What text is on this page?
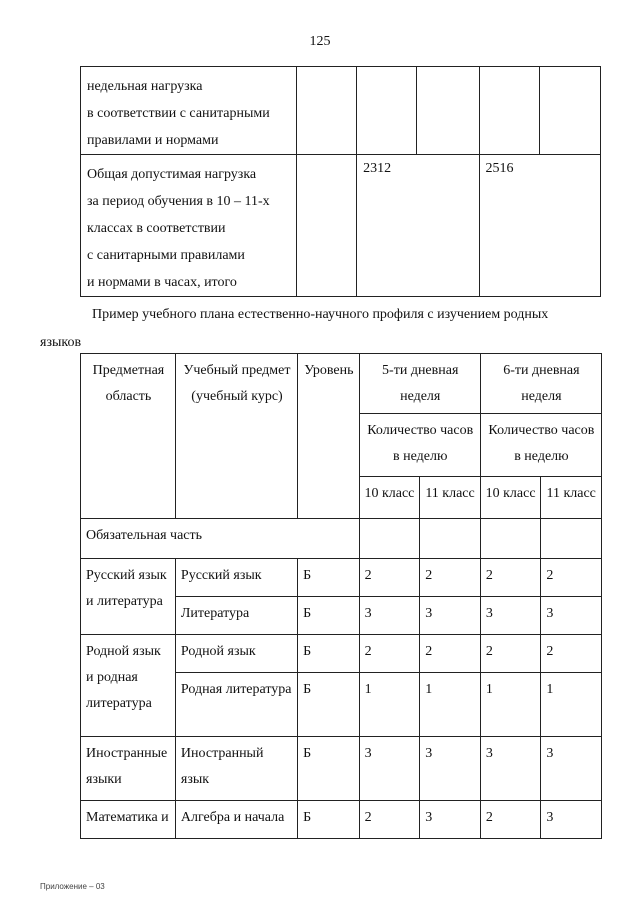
125
недельная нагрузка
в соответствии с санитарными
правилами и нормами					

Общая допустимая нагрузка
за период обучения в 10 – 11-х
классах в соответствии
с санитарными правилами
и нормами в часах, итого		2312		2516	
Пример учебного плана естественно-научного профиля с изучением родных
языков
Предметная область	Учебный предмет (учебный курс)	Уровень	5-ти дневная неделя		6-ти дневная неделя	
			Количество часов в неделю		Количество часов в неделю	
			10 класс	11 класс	10 класс	11 класс
Обязательная часть						
Русский язык и литература	Русский язык	Б	2	2	2	2
	Литература	Б	3	3	3	3
Родной язык и родная литература	Родной язык	Б	2	2	2	2
	Родная литература	Б	1	1	1	1
Иностранные языки	Иностранный язык	Б	3	3	3	3
Математика и	Алгебра и начала	Б	2	3	2	3
Приложение – 03
